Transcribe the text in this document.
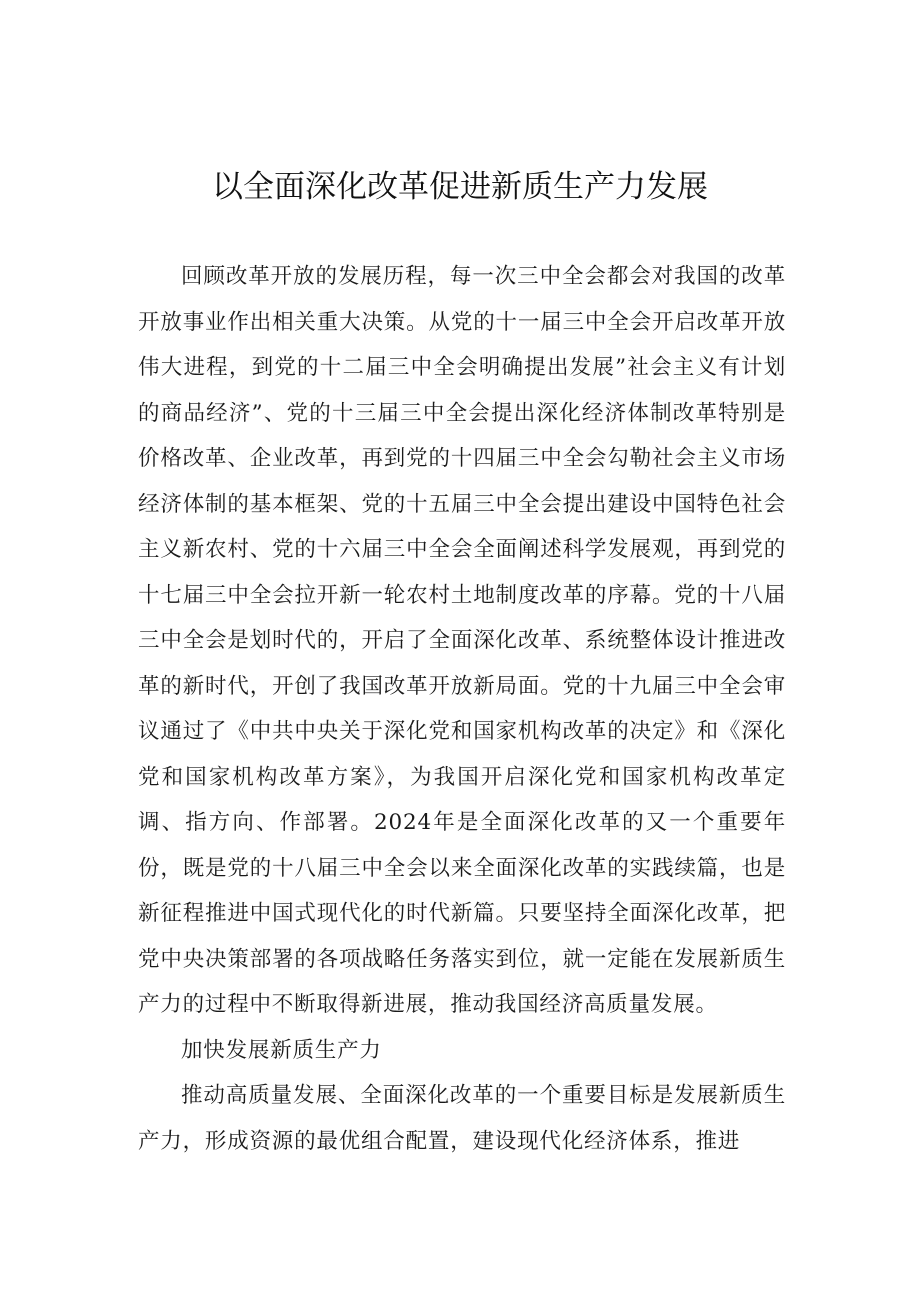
以全面深化改革促进新质生产力发展

回顾改革开放的发展历程，每一次三中全会都会对我国的改革开放事业作出相关重大决策。从党的十一届三中全会开启改革开放伟大进程，到党的十二届三中全会明确提出发展”社会主义有计划的商品经济”、党的十三届三中全会提出深化经济体制改革特别是价格改革、企业改革，再到党的十四届三中全会勾勒社会主义市场经济体制的基本框架、党的十五届三中全会提出建设中国特色社会主义新农村、党的十六届三中全会全面阐述科学发展观，再到党的十七届三中全会拉开新一轮农村土地制度改革的序幕。党的十八届三中全会是划时代的，开启了全面深化改革、系统整体设计推进改革的新时代，开创了我国改革开放新局面。党的十九届三中全会审议通过了《中共中央关于深化党和国家机构改革的决定》和《深化党和国家机构改革方案》，为我国开启深化党和国家机构改革定调、指方向、作部署。2024年是全面深化改革的又一个重要年份，既是党的十八届三中全会以来全面深化改革的实践续篇，也是新征程推进中国式现代化的时代新篇。只要坚持全面深化改革，把党中央决策部署的各项战略任务落实到位，就一定能在发展新质生产力的过程中不断取得新进展，推动我国经济高质量发展。

加快发展新质生产力

推动高质量发展、全面深化改革的一个重要目标是发展新质生产力，形成资源的最优组合配置，建设现代化经济体系，推进
